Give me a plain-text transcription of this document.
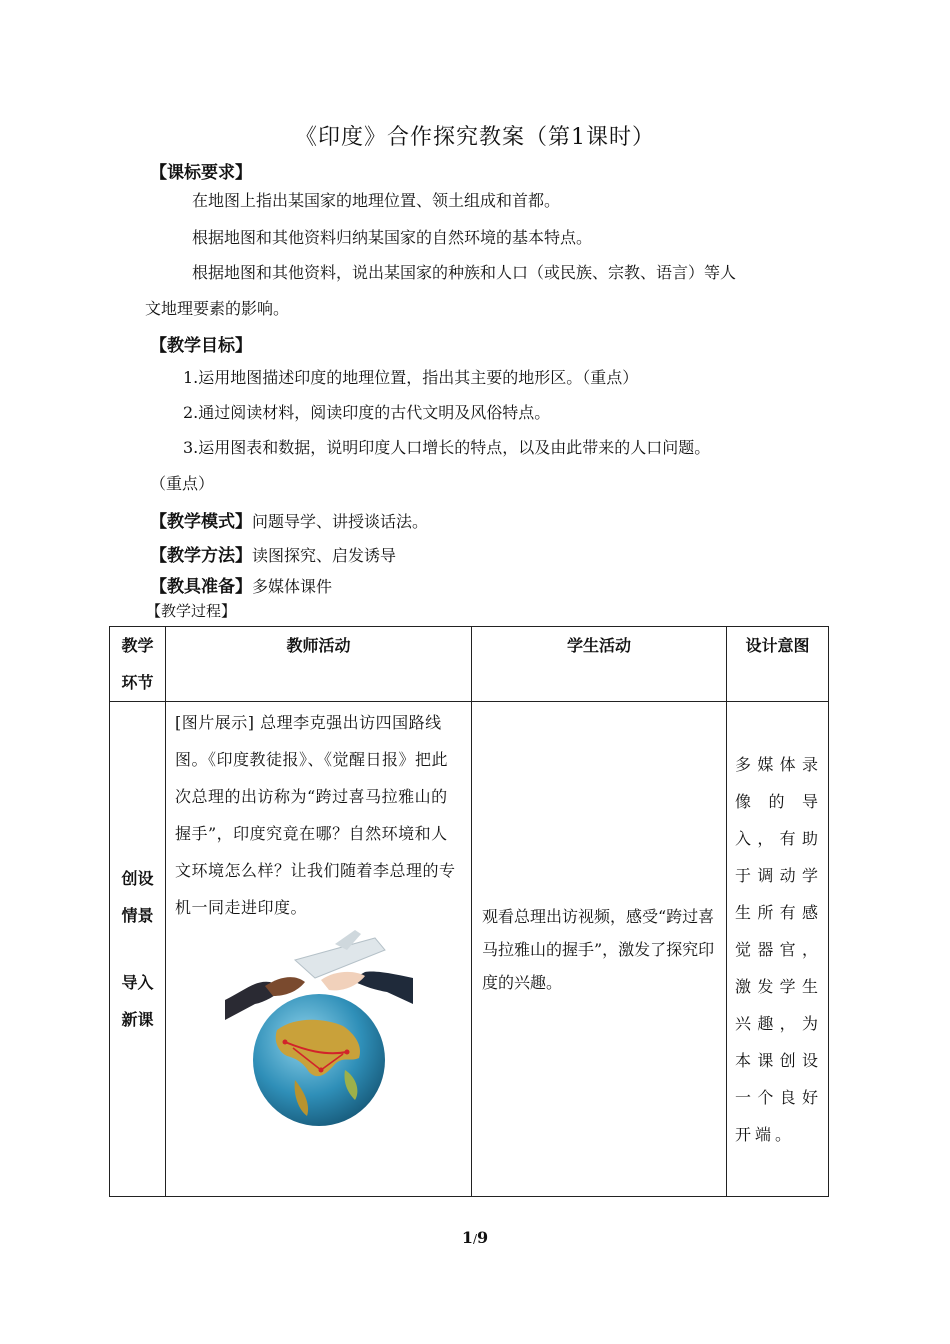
《印度》合作探究教案（第1课时）
【课标要求】
在地图上指出某国家的地理位置、领土组成和首都。
根据地图和其他资料归纳某国家的自然环境的基本特点。
根据地图和其他资料，说出某国家的种族和人口（或民族、宗教、语言）等人
文地理要素的影响。
【教学目标】
1.运用地图描述印度的地理位置，指出其主要的地形区。（重点）
2.通过阅读材料，阅读印度的古代文明及风俗特点。
3.运用图表和数据，说明印度人口增长的特点，以及由此带来的人口问题。
（重点）
【教学模式】问题导学、讲授谈话法。
【教学方法】读图探究、启发诱导
【教具准备】多媒体课件
【教学过程】
教学
环节	教师活动	学生活动	设计意图

创设
情景
导入
新课	[图片展示] 总理李克强出访四国路线图。《印度教徒报》、《觉醒日报》把此次总理的出访称为“跨过喜马拉雅山的握手”，印度究竟在哪？自然环境和人文环境怎么样？让我们随着李总理的专机一同走进印度。	观看总理出访视频，感受“跨过喜马拉雅山的握手”，激发了探究印度的兴趣。	多媒体录像的导入，有助于调动学生所有感觉器官，激发学生兴趣，为本课创设一个良好开端。
1/9
